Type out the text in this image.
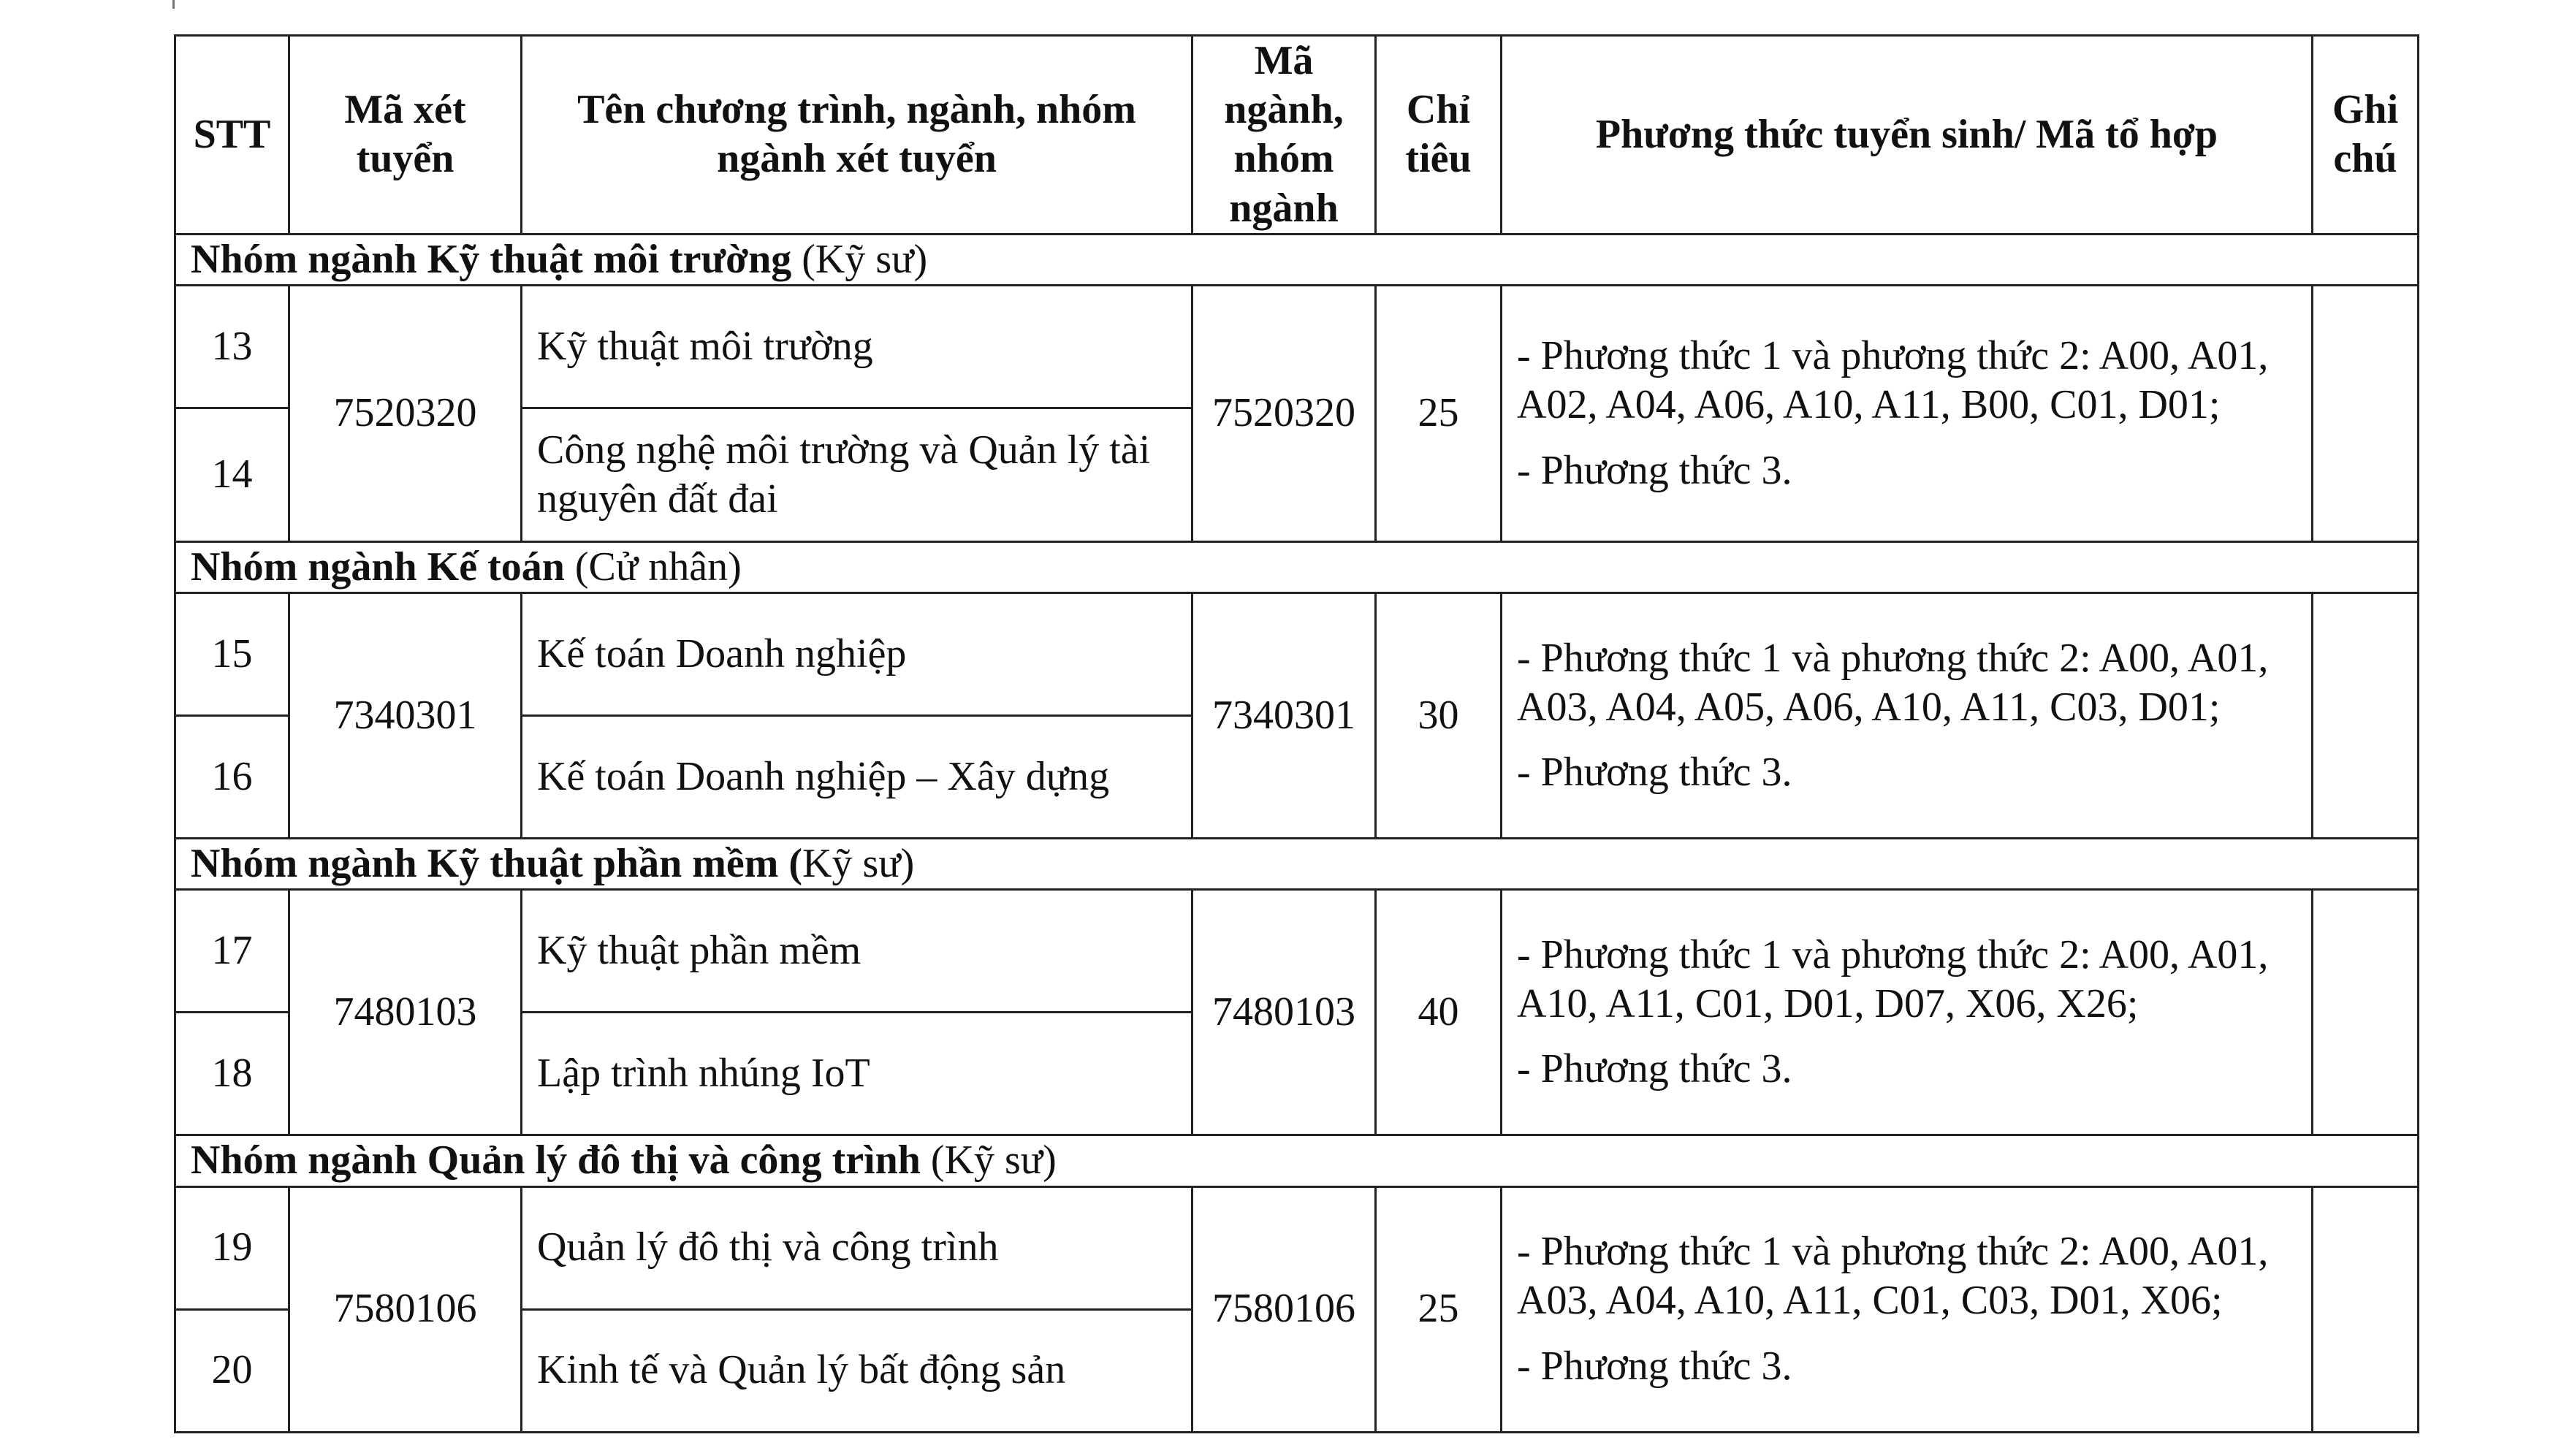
STT	Mã xét tuyển	Tên chương trình, ngành, nhóm ngành xét tuyển	Mã ngành, nhóm ngành	Chỉ tiêu	Phương thức tuyển sinh/ Mã tổ hợp	Ghi chú
Nhóm ngành Kỹ thuật môi trường (Kỹ sư)						
13	7520320	Kỹ thuật môi trường	7520320	25	- Phương thức 1 và phương thức 2: A00, A01, A02, A04, A06, A10, A11, B00, C01, D01;
- Phương thức 3.	

14		Công nghệ môi trường và Quản lý tài nguyên đất đai				
Nhóm ngành Kế toán (Cử nhân)						
15	7340301	Kế toán Doanh nghiệp	7340301	30	- Phương thức 1 và phương thức 2: A00, A01, A03, A04, A05, A06, A10, A11, C03, D01;
- Phương thức 3.	

16		Kế toán Doanh nghiệp – Xây dựng				
Nhóm ngành Kỹ thuật phần mềm (Kỹ sư)						
17	7480103	Kỹ thuật phần mềm	7480103	40	- Phương thức 1 và phương thức 2: A00, A01, A10, A11, C01, D01, D07, X06, X26;
- Phương thức 3.	

18		Lập trình nhúng IoT				
Nhóm ngành Quản lý đô thị và công trình (Kỹ sư)						
19	7580106	Quản lý đô thị và công trình	7580106	25	- Phương thức 1 và phương thức 2: A00, A01, A03, A04, A10, A11, C01, C03, D01, X06;
- Phương thức 3.	

20		Kinh tế và Quản lý bất động sản				
